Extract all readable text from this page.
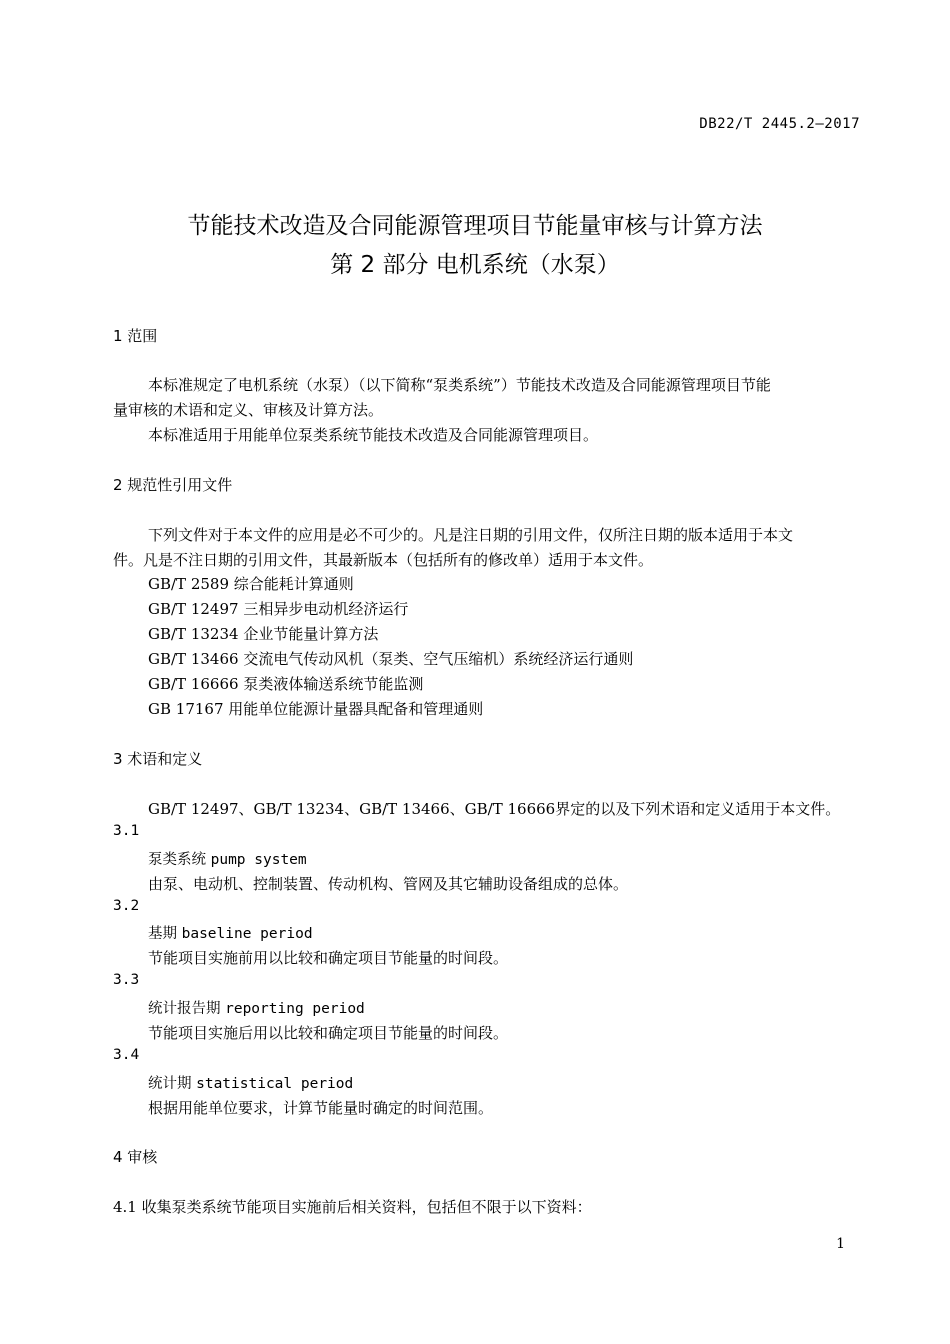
DB22/T 2445.2—2017
节能技术改造及合同能源管理项目节能量审核与计算方法
第 2 部分 电机系统（水泵）
1 范围
本标准规定了电机系统（水泵）（以下简称“泵类系统”）节能技术改造及合同能源管理项目节能
量审核的术语和定义、审核及计算方法。
本标准适用于用能单位泵类系统节能技术改造及合同能源管理项目。
2 规范性引用文件
下列文件对于本文件的应用是必不可少的。凡是注日期的引用文件，仅所注日期的版本适用于本文
件。凡是不注日期的引用文件，其最新版本（包括所有的修改单）适用于本文件。
GB/T 2589 综合能耗计算通则
GB/T 12497 三相异步电动机经济运行
GB/T 13234 企业节能量计算方法
GB/T 13466 交流电气传动风机（泵类、空气压缩机）系统经济运行通则
GB/T 16666 泵类液体输送系统节能监测
GB 17167 用能单位能源计量器具配备和管理通则
3 术语和定义
GB/T 12497、GB/T 13234、GB/T 13466、GB/T 16666界定的以及下列术语和定义适用于本文件。
3.1
泵类系统 pump system
由泵、电动机、控制装置、传动机构、管网及其它辅助设备组成的总体。
3.2
基期 baseline period
节能项目实施前用以比较和确定项目节能量的时间段。
3.3
统计报告期 reporting period
节能项目实施后用以比较和确定项目节能量的时间段。
3.4
统计期 statistical period
根据用能单位要求，计算节能量时确定的时间范围。
4 审核
4.1 收集泵类系统节能项目实施前后相关资料，包括但不限于以下资料：
1
